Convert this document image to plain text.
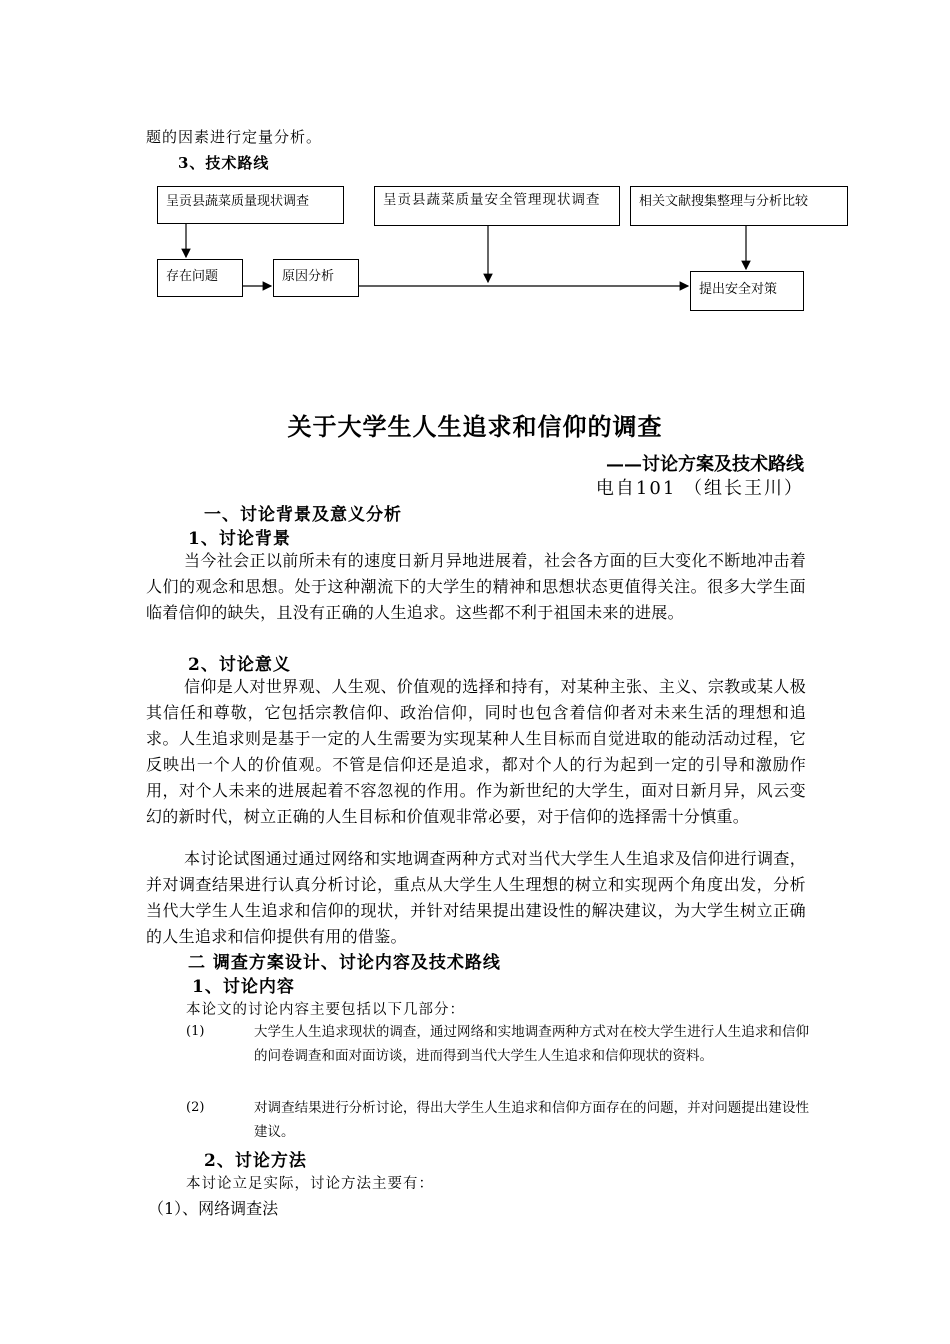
题的因素进行定量分析。
3、技术路线
呈贡县蔬菜质量现状调查	呈贡县蔬菜质量安全管理现状调查	相关文献搜集整理与分析比较
存在问题	原因分析
提出安全对策
关于大学生人生追求和信仰的调查
——讨论方案及技术路线
电自101 （组长王川）
一、讨论背景及意义分析
1、讨论背景
当今社会正以前所未有的速度日新月异地进展着，社会各方面的巨大变化不断地冲击着人们的观念和思想。处于这种潮流下的大学生的精神和思想状态更值得关注。很多大学生面临着信仰的缺失，且没有正确的人生追求。这些都不利于祖国未来的进展。
2、讨论意义
信仰是人对世界观、人生观、价值观的选择和持有，对某种主张、主义、宗教或某人极其信任和尊敬，它包括宗教信仰、政治信仰，同时也包含着信仰者对未来生活的理想和追求。人生追求则是基于一定的人生需要为实现某种人生目标而自觉进取的能动活动过程，它反映出一个人的价值观。不管是信仰还是追求，都对个人的行为起到一定的引导和激励作用，对个人未来的进展起着不容忽视的作用。作为新世纪的大学生，面对日新月异，风云变幻的新时代，树立正确的人生目标和价值观非常必要，对于信仰的选择需十分慎重。
本讨论试图通过通过网络和实地调查两种方式对当代大学生人生追求及信仰进行调查，并对调查结果进行认真分析讨论，重点从大学生人生理想的树立和实现两个角度出发，分析当代大学生人生追求和信仰的现状，并针对结果提出建设性的解决建议，为大学生树立正确的人生追求和信仰提供有用的借鉴。
二 调查方案设计、讨论内容及技术路线
1、讨论内容
本论文的讨论内容主要包括以下几部分：
(1)	大学生人生追求现状的调查，通过网络和实地调查两种方式对在校大学生进行人生追求和信仰的问卷调查和面对面访谈，进而得到当代大学生人生追求和信仰现状的资料。
(2)	对调查结果进行分析讨论，得出大学生人生追求和信仰方面存在的问题，并对问题提出建设性建议。
2、讨论方法
本讨论立足实际，讨论方法主要有：
（1）、网络调查法
